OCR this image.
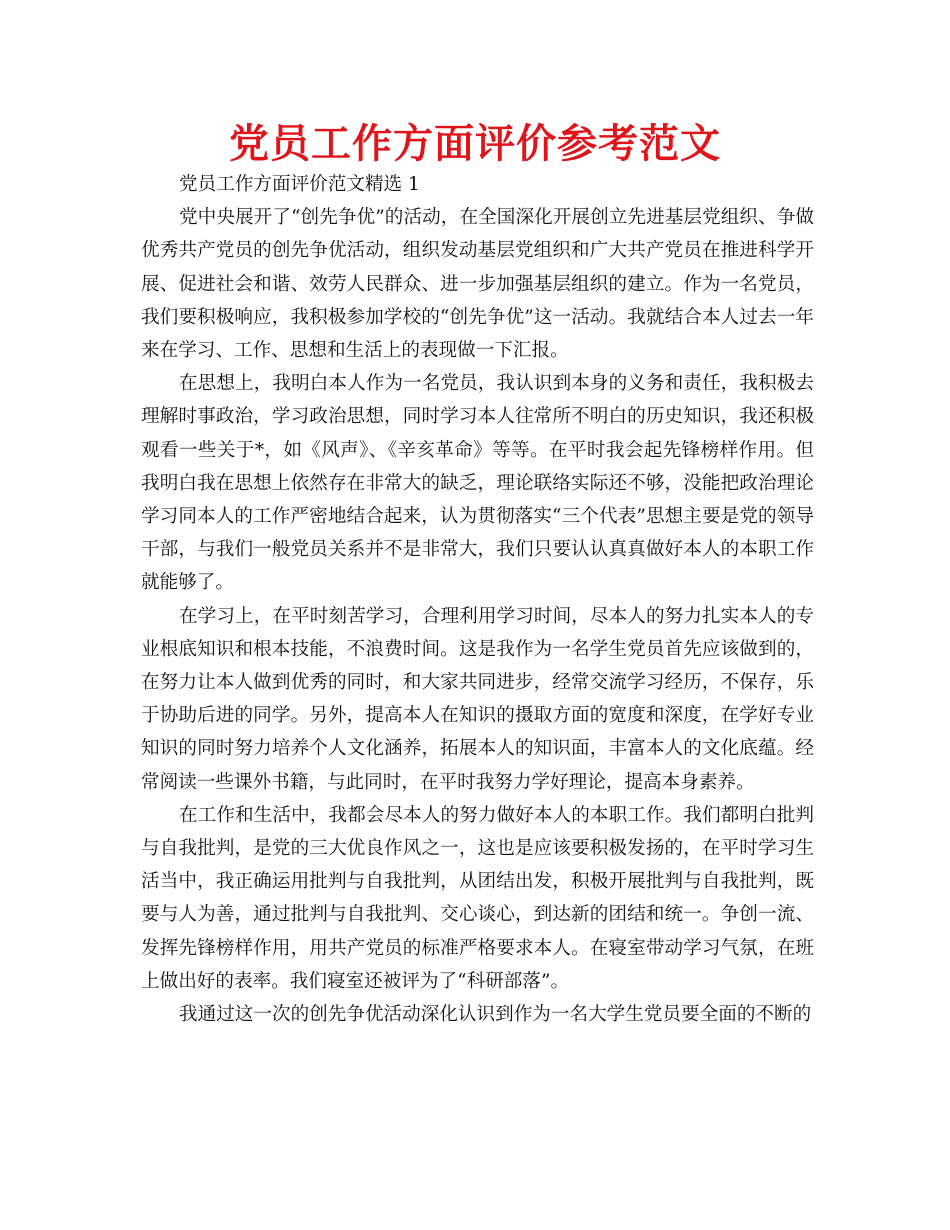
党员工作方面评价参考范文

党员工作方面评价范文精选 1

党中央展开了“创先争优”的活动，在全国深化开展创立先进基层党组织、争做优秀共产党员的创先争优活动，组织发动基层党组织和广大共产党员在推进科学开展、促进社会和谐、效劳人民群众、进一步加强基层组织的建立。作为一名党员，我们要积极响应，我积极参加学校的“创先争优”这一活动。我就结合本人过去一年来在学习、工作、思想和生活上的表现做一下汇报。

在思想上，我明白本人作为一名党员，我认识到本身的义务和责任，我积极去理解时事政治，学习政治思想，同时学习本人往常所不明白的历史知识，我还积极观看一些关于*，如《风声》、《辛亥革命》等等。在平时我会起先锋榜样作用。但我明白我在思想上依然存在非常大的缺乏，理论联络实际还不够，没能把政治理论学习同本人的工作严密地结合起来，认为贯彻落实“三个代表”思想主要是党的领导干部，与我们一般党员关系并不是非常大，我们只要认认真真做好本人的本职工作就能够了。

在学习上，在平时刻苦学习，合理利用学习时间，尽本人的努力扎实本人的专业根底知识和根本技能，不浪费时间。这是我作为一名学生党员首先应该做到的，在努力让本人做到优秀的同时，和大家共同进步，经常交流学习经历，不保存，乐于协助后进的同学。另外，提高本人在知识的摄取方面的宽度和深度，在学好专业知识的同时努力培养个人文化涵养，拓展本人的知识面，丰富本人的文化底蕴。经常阅读一些课外书籍，与此同时，在平时我努力学好理论，提高本身素养。

在工作和生活中，我都会尽本人的努力做好本人的本职工作。我们都明白批判与自我批判，是党的三大优良作风之一，这也是应该要积极发扬的，在平时学习生活当中，我正确运用批判与自我批判，从团结出发，积极开展批判与自我批判，既要与人为善，通过批判与自我批判、交心谈心，到达新的团结和统一。争创一流、发挥先锋榜样作用，用共产党员的标准严格要求本人。在寝室带动学习气氛，在班上做出好的表率。我们寝室还被评为了“科研部落”。

我通过这一次的创先争优活动深化认识到作为一名大学生党员要全面的不断的
